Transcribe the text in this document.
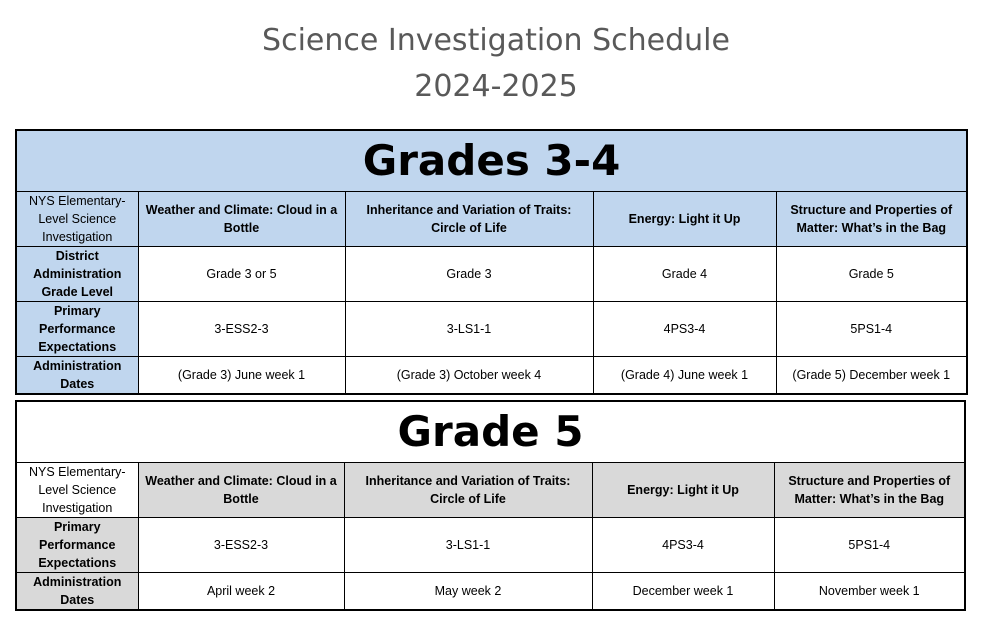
Science Investigation Schedule
2024-2025
Grades 3-4				
NYS Elementary-Level Science Investigation	Weather and Climate: Cloud in a Bottle	Inheritance and Variation of Traits: Circle of Life	Energy: Light it Up	Structure and Properties of Matter: What’s in the Bag
District Administration Grade Level	Grade 3 or 5	Grade 3	Grade 4	Grade 5
Primary Performance Expectations	3-ESS2-3	3-LS1-1	4PS3-4	5PS1-4
Administration Dates	(Grade 3) June week 1	(Grade 3) October week 4	(Grade 4) June week 1	(Grade 5) December week 1
Grade 5				
NYS Elementary-Level Science Investigation	Weather and Climate: Cloud in a Bottle	Inheritance and Variation of Traits: Circle of Life	Energy: Light it Up	Structure and Properties of Matter: What’s in the Bag
Primary Performance Expectations	3-ESS2-3	3-LS1-1	4PS3-4	5PS1-4
Administration Dates	April week 2	May week 2	December week 1	November week 1
